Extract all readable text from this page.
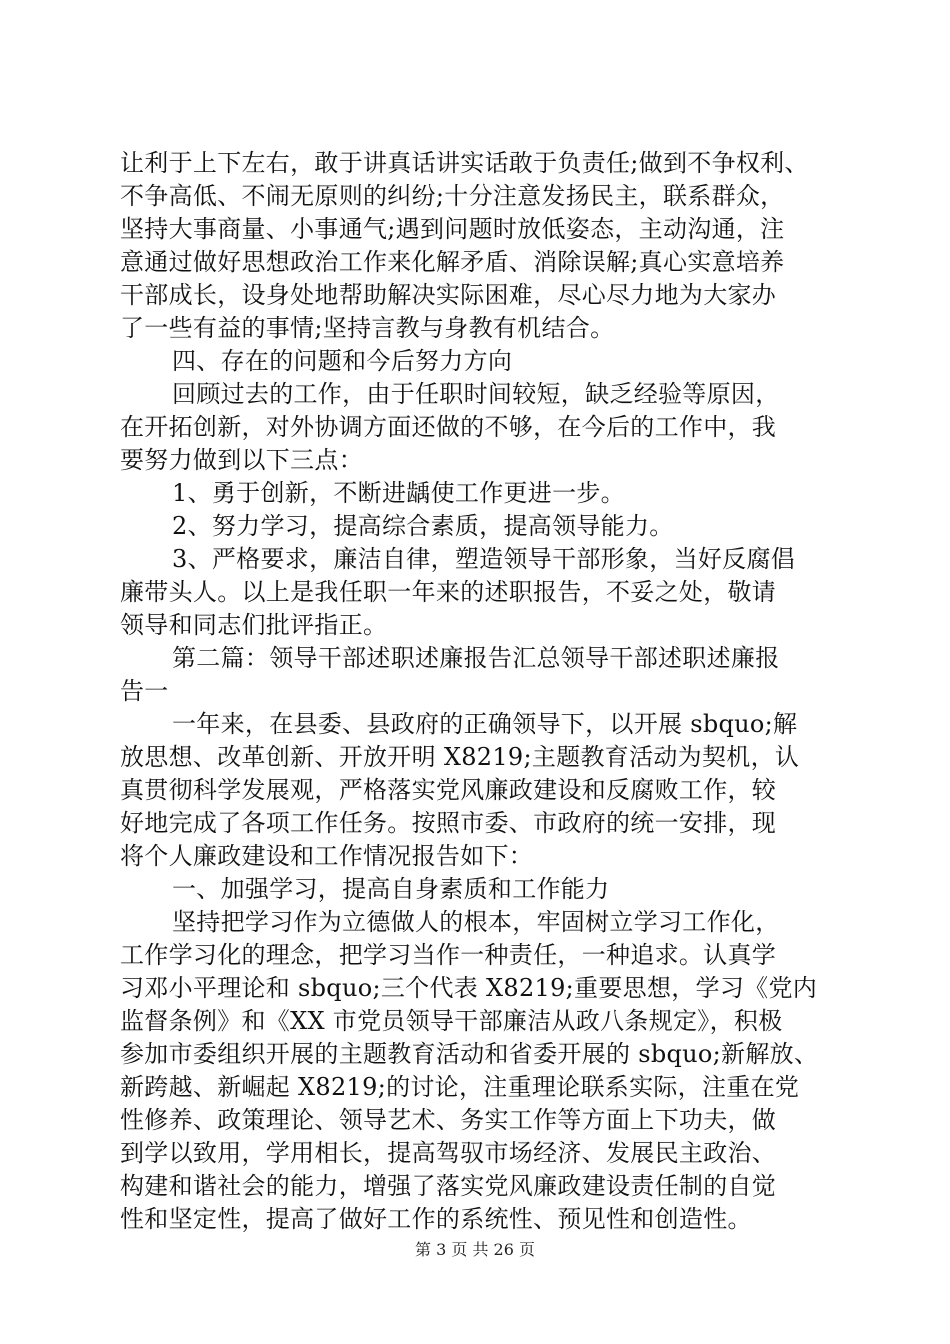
让利于上下左右，敢于讲真话讲实话敢于负责任;做到不争权利、
不争高低、不闹无原则的纠纷;十分注意发扬民主，联系群众，
坚持大事商量、小事通气;遇到问题时放低姿态，主动沟通，注
意通过做好思想政治工作来化解矛盾、消除误解;真心实意培养
干部成长，设身处地帮助解决实际困难，尽心尽力地为大家办
了一些有益的事情;坚持言教与身教有机结合。
四、存在的问题和今后努力方向
回顾过去的工作，由于任职时间较短，缺乏经验等原因，
在开拓创新，对外协调方面还做的不够，在今后的工作中，我
要努力做到以下三点：
1、勇于创新，不断进龋使工作更进一步。
2、努力学习，提高综合素质，提高领导能力。
3、严格要求，廉洁自律，塑造领导干部形象，当好反腐倡
廉带头人。以上是我任职一年来的述职报告，不妥之处，敬请
领导和同志们批评指正。
第二篇：领导干部述职述廉报告汇总领导干部述职述廉报
告一
一年来，在县委、县政府的正确领导下，以开展 sbquo;解
放思想、改革创新、开放开明 X8219;主题教育活动为契机，认
真贯彻科学发展观，严格落实党风廉政建设和反腐败工作，较
好地完成了各项工作任务。按照市委、市政府的统一安排，现
将个人廉政建设和工作情况报告如下：
一、加强学习，提高自身素质和工作能力
坚持把学习作为立德做人的根本，牢固树立学习工作化，
工作学习化的理念，把学习当作一种责任，一种追求。认真学
习邓小平理论和 sbquo;三个代表 X8219;重要思想，学习《党内
监督条例》和《XX 市党员领导干部廉洁从政八条规定》，积极
参加市委组织开展的主题教育活动和省委开展的 sbquo;新解放、
新跨越、新崛起 X8219;的讨论，注重理论联系实际，注重在党
性修养、政策理论、领导艺术、务实工作等方面上下功夫，做
到学以致用，学用相长，提高驾驭市场经济、发展民主政治、
构建和谐社会的能力，增强了落实党风廉政建设责任制的自觉
性和坚定性，提高了做好工作的系统性、预见性和创造性。
第 3 页 共 26 页
